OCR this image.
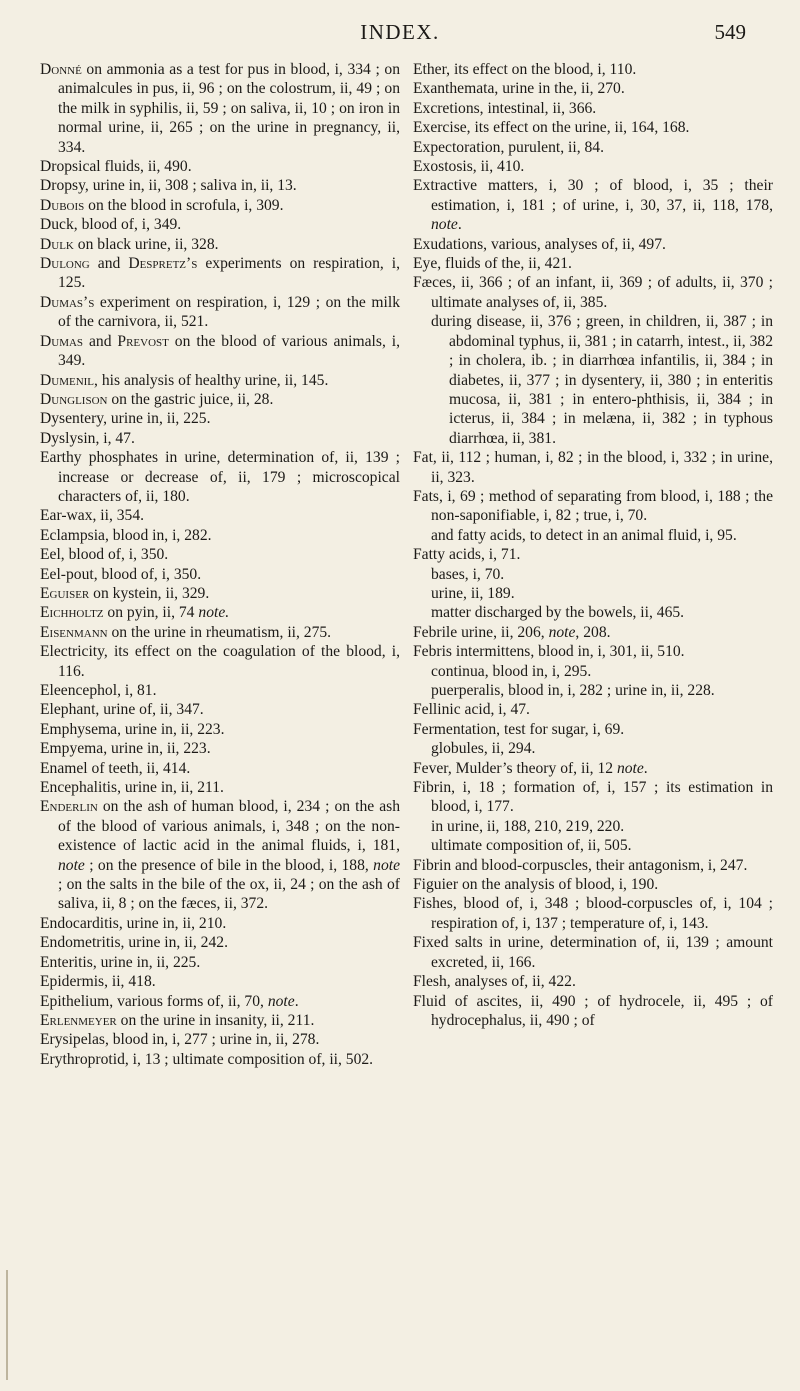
INDEX.	549
Donné on ammonia as a test for pus in blood, i, 334 ; on animalcules in pus, ii, 96 ; on the colostrum, ii, 49 ; on the milk in syphilis, ii, 59 ; on saliva, ii, 10 ; on iron in normal urine, ii, 265 ; on the urine in pregnancy, ii, 334.
Dropsical fluids, ii, 490.
Dropsy, urine in, ii, 308 ; saliva in, ii, 13.
Dubois on the blood in scrofula, i, 309.
Duck, blood of, i, 349.
Dulk on black urine, ii, 328.
Dulong and Despretz’s experiments on respiration, i, 125.
Dumas’s experiment on respiration, i, 129 ; on the milk of the carnivora, ii, 521.
Dumas and Prevost on the blood of various animals, i, 349.
Dumenil, his analysis of healthy urine, ii, 145.
Dunglison on the gastric juice, ii, 28.
Dysentery, urine in, ii, 225.
Dyslysin, i, 47.
Earthy phosphates in urine, determination of, ii, 139 ; increase or decrease of, ii, 179 ; microscopical characters of, ii, 180.
Ear-wax, ii, 354.
Eclampsia, blood in, i, 282.
Eel, blood of, i, 350.
Eel-pout, blood of, i, 350.
Eguiser on kystein, ii, 329.
Eichholtz on pyin, ii, 74 note.
Eisenmann on the urine in rheumatism, ii, 275.
Electricity, its effect on the coagulation of the blood, i, 116.
Eleencephol, i, 81.
Elephant, urine of, ii, 347.
Emphysema, urine in, ii, 223.
Empyema, urine in, ii, 223.
Enamel of teeth, ii, 414.
Encephalitis, urine in, ii, 211.
Enderlin on the ash of human blood, i, 234 ; on the ash of the blood of various animals, i, 348 ; on the non-existence of lactic acid in the animal fluids, i, 181, note ; on the presence of bile in the blood, i, 188, note ; on the salts in the bile of the ox, ii, 24 ; on the ash of saliva, ii, 8 ; on the fæces, ii, 372.
Endocarditis, urine in, ii, 210.
Endometritis, urine in, ii, 242.
Enteritis, urine in, ii, 225.
Epidermis, ii, 418.
Epithelium, various forms of, ii, 70, note.
Erlenmeyer on the urine in insanity, ii, 211.
Erysipelas, blood in, i, 277 ; urine in, ii, 278.
Erythroprotid, i, 13 ; ultimate composition of, ii, 502.
Ether, its effect on the blood, i, 110.
Exanthemata, urine in the, ii, 270.
Excretions, intestinal, ii, 366.
Exercise, its effect on the urine, ii, 164, 168.
Expectoration, purulent, ii, 84.
Exostosis, ii, 410.
Extractive matters, i, 30 ; of blood, i, 35 ; their estimation, i, 181 ; of urine, i, 30, 37, ii, 118, 178, note.
Exudations, various, analyses of, ii, 497.
Eye, fluids of the, ii, 421.
Fæces, ii, 366 ; of an infant, ii, 369 ; of adults, ii, 370 ; ultimate analyses of, ii, 385.
during disease, ii, 376 ; green, in children, ii, 387 ; in abdominal typhus, ii, 381 ; in catarrh, intest., ii, 382 ; in cholera, ib. ; in diarrhœa infantilis, ii, 384 ; in diabetes, ii, 377 ; in dysentery, ii, 380 ; in enteritis mucosa, ii, 381 ; in entero-phthisis, ii, 384 ; in icterus, ii, 384 ; in melæna, ii, 382 ; in typhous diarrhœa, ii, 381.
Fat, ii, 112 ; human, i, 82 ; in the blood, i, 332 ; in urine, ii, 323.
Fats, i, 69 ; method of separating from blood, i, 188 ; the non-saponifiable, i, 82 ; true, i, 70.
and fatty acids, to detect in an animal fluid, i, 95.
Fatty acids, i, 71.
bases, i, 70.
urine, ii, 189.
matter discharged by the bowels, ii, 465.
Febrile urine, ii, 206, note, 208.
Febris intermittens, blood in, i, 301, ii, 510.
continua, blood in, i, 295.
puerperalis, blood in, i, 282 ; urine in, ii, 228.
Fellinic acid, i, 47.
Fermentation, test for sugar, i, 69.
globules, ii, 294.
Fever, Mulder’s theory of, ii, 12 note.
Fibrin, i, 18 ; formation of, i, 157 ; its estimation in blood, i, 177.
in urine, ii, 188, 210, 219, 220.
ultimate composition of, ii, 505.
Fibrin and blood-corpuscles, their antagonism, i, 247.
Figuier on the analysis of blood, i, 190.
Fishes, blood of, i, 348 ; blood-corpuscles of, i, 104 ; respiration of, i, 137 ; temperature of, i, 143.
Fixed salts in urine, determination of, ii, 139 ; amount excreted, ii, 166.
Flesh, analyses of, ii, 422.
Fluid of ascites, ii, 490 ; of hydrocele, ii, 495 ; of hydrocephalus, ii, 490 ; of
